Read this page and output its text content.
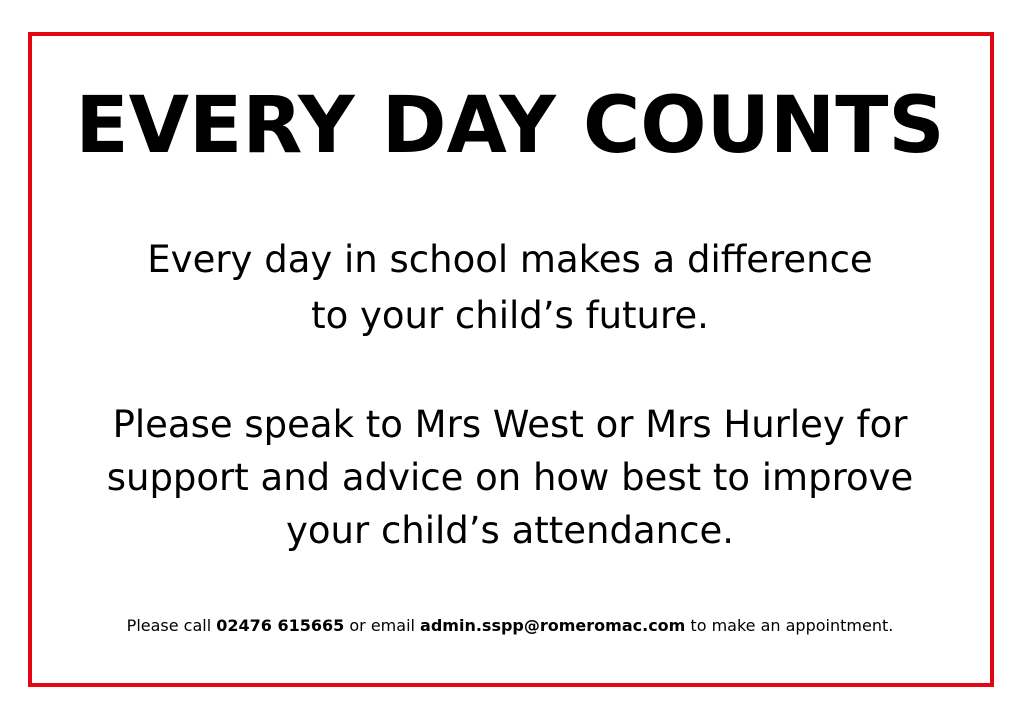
EVERY DAY COUNTS
Every day in school makes a difference
to your child’s future.
Please speak to Mrs West or Mrs Hurley for
support and advice on how best to improve
your child’s attendance.
Please call 02476 615665 or email admin.sspp@romeromac.com to make an appointment.
